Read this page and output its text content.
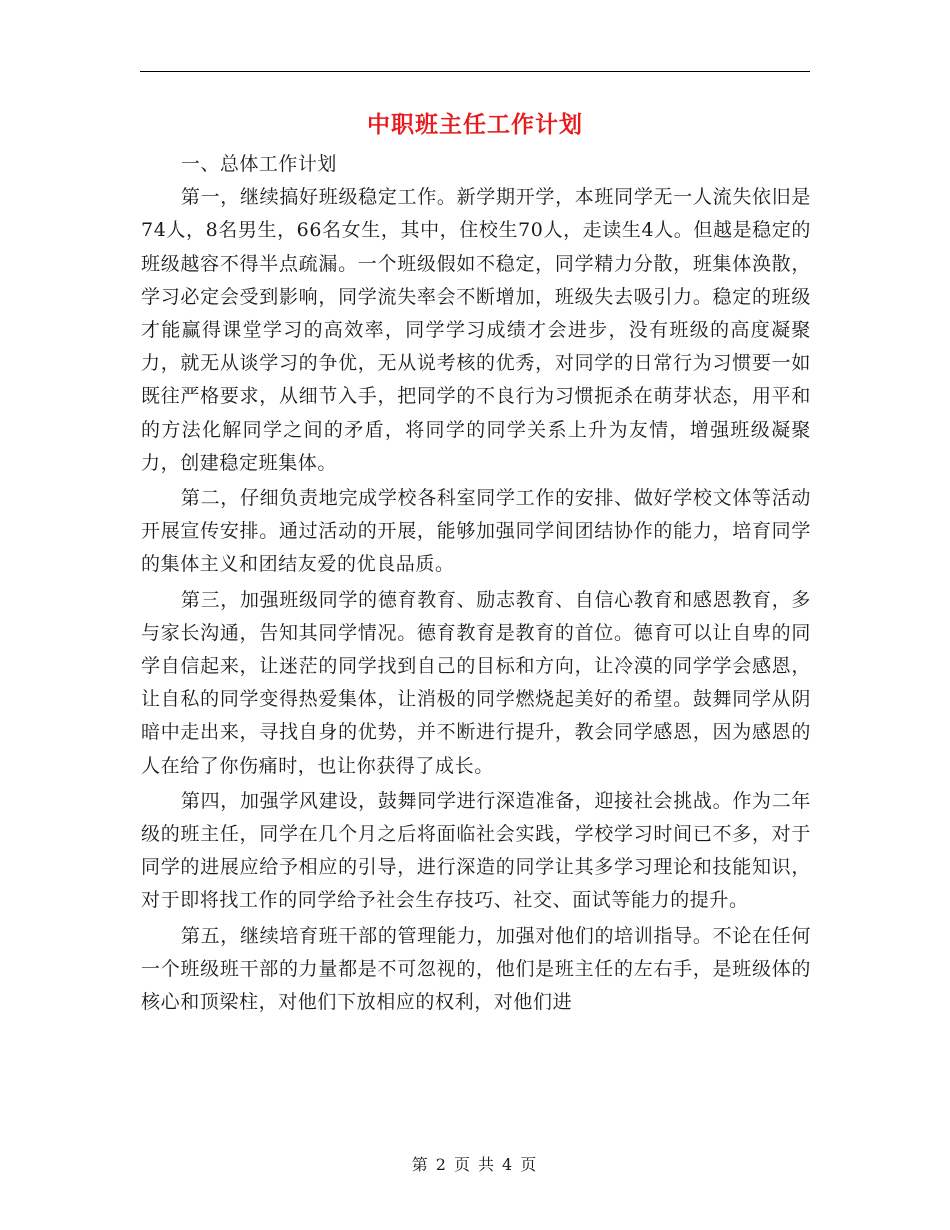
中职班主任工作计划

一、总体工作计划

第一，继续搞好班级稳定工作。新学期开学，本班同学无一人流失依旧是74人，8名男生，66名女生，其中，住校生70人，走读生4人。但越是稳定的班级越容不得半点疏漏。一个班级假如不稳定，同学精力分散，班集体涣散，学习必定会受到影响，同学流失率会不断增加，班级失去吸引力。稳定的班级才能赢得课堂学习的高效率，同学学习成绩才会进步，没有班级的高度凝聚力，就无从谈学习的争优，无从说考核的优秀，对同学的日常行为习惯要一如既往严格要求，从细节入手，把同学的不良行为习惯扼杀在萌芽状态，用平和的方法化解同学之间的矛盾，将同学的同学关系上升为友情，增强班级凝聚力，创建稳定班集体。

第二，仔细负责地完成学校各科室同学工作的安排、做好学校文体等活动开展宣传安排。通过活动的开展，能够加强同学间团结协作的能力，培育同学的集体主义和团结友爱的优良品质。

第三，加强班级同学的德育教育、励志教育、自信心教育和感恩教育，多与家长沟通，告知其同学情况。德育教育是教育的首位。德育可以让自卑的同学自信起来，让迷茫的同学找到自己的目标和方向，让冷漠的同学学会感恩，让自私的同学变得热爱集体，让消极的同学燃烧起美好的希望。鼓舞同学从阴暗中走出来，寻找自身的优势，并不断进行提升，教会同学感恩，因为感恩的人在给了你伤痛时，也让你获得了成长。

第四，加强学风建设，鼓舞同学进行深造准备，迎接社会挑战。作为二年级的班主任，同学在几个月之后将面临社会实践，学校学习时间已不多，对于同学的进展应给予相应的引导，进行深造的同学让其多学习理论和技能知识，对于即将找工作的同学给予社会生存技巧、社交、面试等能力的提升。

第五，继续培育班干部的管理能力，加强对他们的培训指导。不论在任何一个班级班干部的力量都是不可忽视的，他们是班主任的左右手，是班级体的核心和顶梁柱，对他们下放相应的权利，对他们进

第 2 页 共 4 页
